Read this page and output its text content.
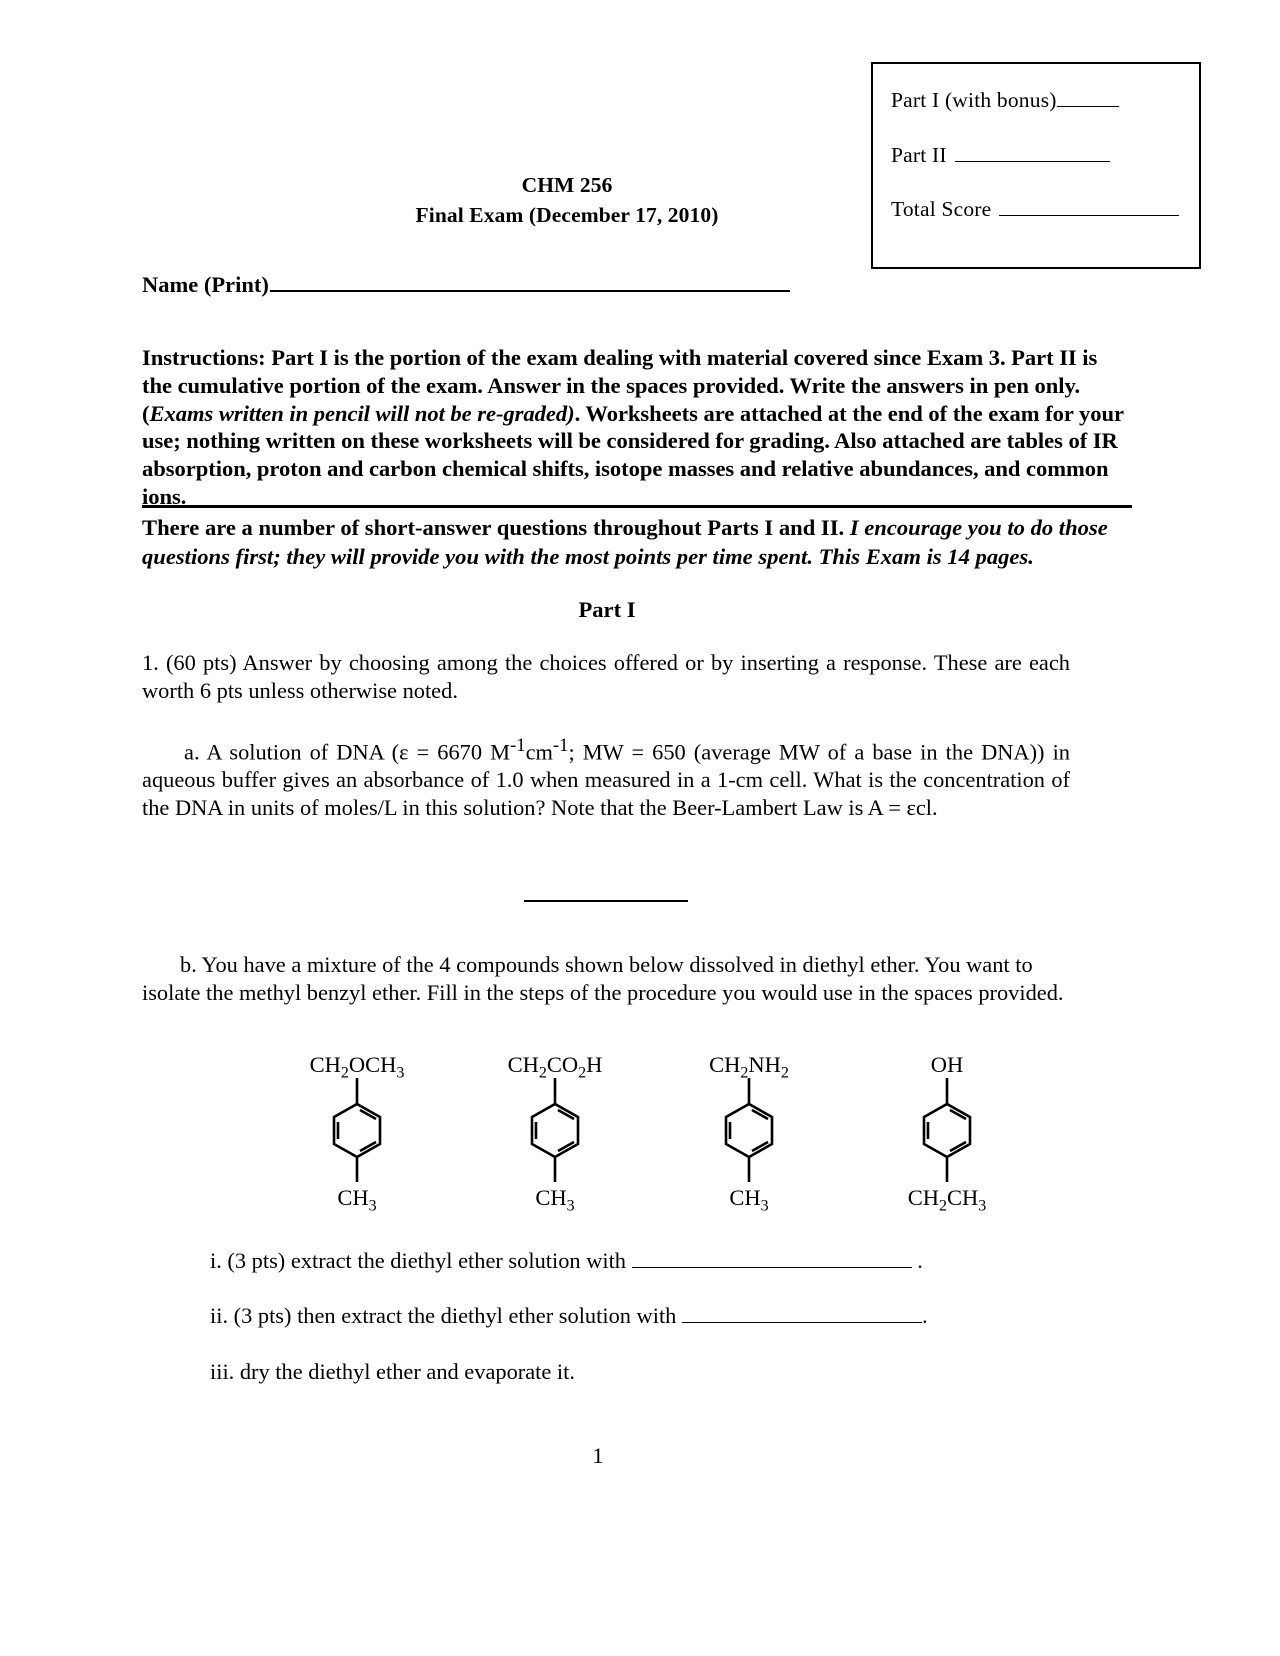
Part I (with bonus)
Part II
Total Score
CHM 256
Final Exam (December 17, 2010)
Name (Print)
Instructions: Part I is the portion of the exam dealing with material covered since Exam 3. Part II is the cumulative portion of the exam. Answer in the spaces provided. Write the answers in pen only. (Exams written in pencil will not be re-graded). Worksheets are attached at the end of the exam for your use; nothing written on these worksheets will be considered for grading. Also attached are tables of IR absorption, proton and carbon chemical shifts, isotope masses and relative abundances, and common ions.
There are a number of short-answer questions throughout Parts I and II. I encourage you to do those questions first; they will provide you with the most points per time spent. This Exam is 14 pages.
Part I
1. (60 pts) Answer by choosing among the choices offered or by inserting a response. These are each worth 6 pts unless otherwise noted.
a. A solution of DNA (ε = 6670 $M^{-1}cm^{-1}$; MW = 650 (average MW of a base in the DNA)) in aqueous buffer gives an absorbance of 1.0 when measured in a 1-cm cell. What is the concentration of the DNA in units of moles/L in this solution? Note that the Beer-Lambert Law is A = εcl.
b. You have a mixture of the 4 compounds shown below dissolved in diethyl ether. You want to isolate the methyl benzyl ether. Fill in the steps of the procedure you would use in the spaces provided.
$CH_2OCH_3$
$CH_3$
$CH_2CO_2H$
$CH_3$
$CH_2NH_2$
$CH_3$
OH
$CH_2CH_3$
i. (3 pts) extract the diethyl ether solution with	.
ii. (3 pts) then extract the diethyl ether solution with	.
iii. dry the diethyl ether and evaporate it.
1
